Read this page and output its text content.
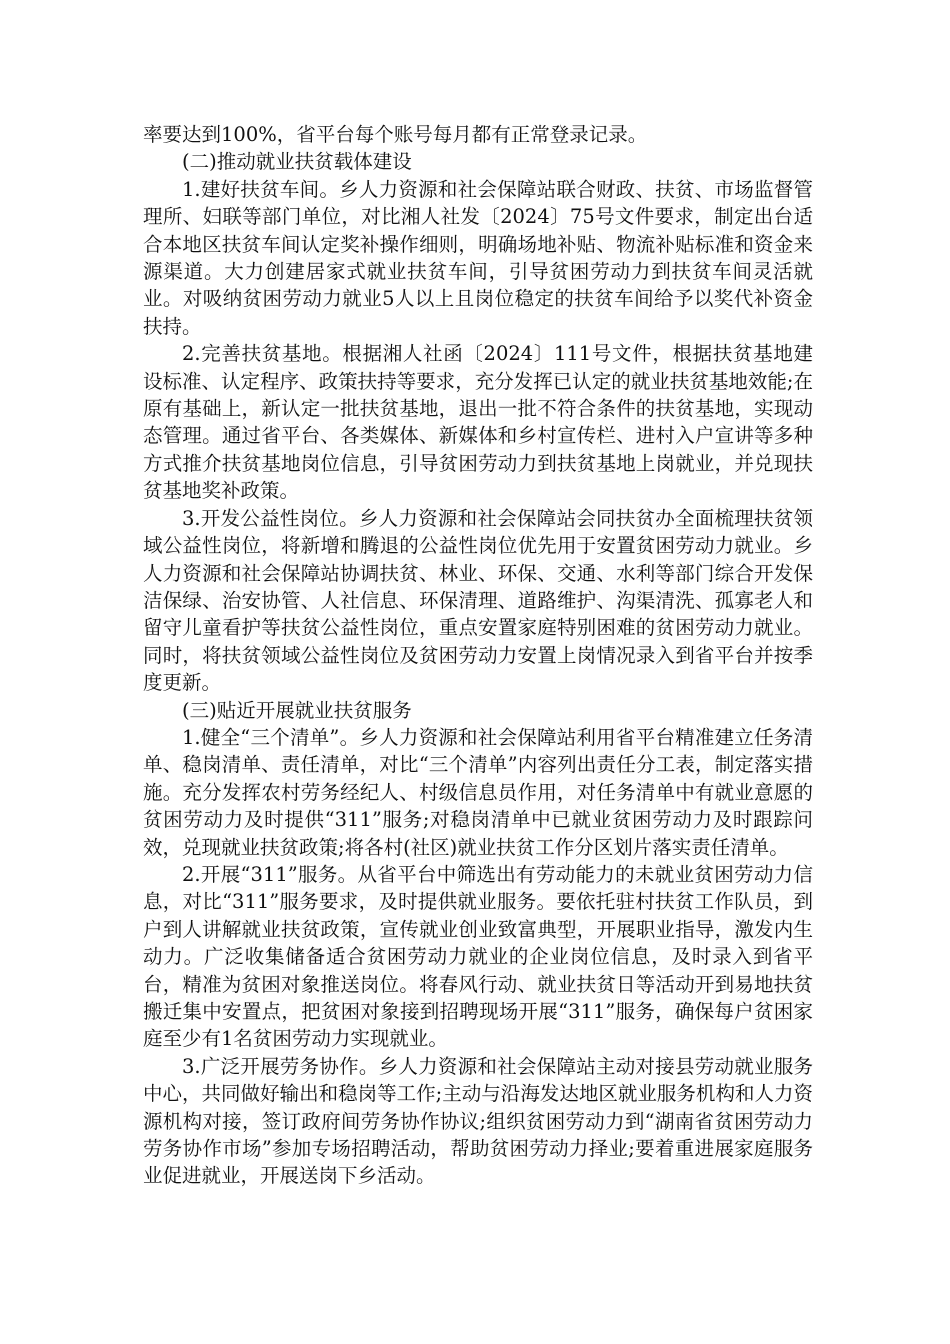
率要达到100%，省平台每个账号每月都有正常登录记录。

(二)推动就业扶贫载体建设

1.建好扶贫车间。乡人力资源和社会保障站联合财政、扶贫、市场监督管理所、妇联等部门单位，对比湘人社发〔2024〕75号文件要求，制定出台适合本地区扶贫车间认定奖补操作细则，明确场地补贴、物流补贴标准和资金来源渠道。大力创建居家式就业扶贫车间，引导贫困劳动力到扶贫车间灵活就业。对吸纳贫困劳动力就业5人以上且岗位稳定的扶贫车间给予以奖代补资金扶持。

2.完善扶贫基地。根据湘人社函〔2024〕111号文件，根据扶贫基地建设标准、认定程序、政策扶持等要求，充分发挥已认定的就业扶贫基地效能;在原有基础上，新认定一批扶贫基地，退出一批不符合条件的扶贫基地，实现动态管理。通过省平台、各类媒体、新媒体和乡村宣传栏、进村入户宣讲等多种方式推介扶贫基地岗位信息，引导贫困劳动力到扶贫基地上岗就业，并兑现扶贫基地奖补政策。

3.开发公益性岗位。乡人力资源和社会保障站会同扶贫办全面梳理扶贫领域公益性岗位，将新增和腾退的公益性岗位优先用于安置贫困劳动力就业。乡人力资源和社会保障站协调扶贫、林业、环保、交通、水利等部门综合开发保洁保绿、治安协管、人社信息、环保清理、道路维护、沟渠清洗、孤寡老人和留守儿童看护等扶贫公益性岗位，重点安置家庭特别困难的贫困劳动力就业。同时，将扶贫领域公益性岗位及贫困劳动力安置上岗情况录入到省平台并按季度更新。

(三)贴近开展就业扶贫服务

1.健全“三个清单”。乡人力资源和社会保障站利用省平台精准建立任务清单、稳岗清单、责任清单，对比“三个清单”内容列出责任分工表，制定落实措施。充分发挥农村劳务经纪人、村级信息员作用，对任务清单中有就业意愿的贫困劳动力及时提供“311”服务;对稳岗清单中已就业贫困劳动力及时跟踪问效，兑现就业扶贫政策;将各村(社区)就业扶贫工作分区划片落实责任清单。

2.开展“311”服务。从省平台中筛选出有劳动能力的未就业贫困劳动力信息，对比“311”服务要求，及时提供就业服务。要依托驻村扶贫工作队员，到户到人讲解就业扶贫政策，宣传就业创业致富典型，开展职业指导，激发内生动力。广泛收集储备适合贫困劳动力就业的企业岗位信息，及时录入到省平台，精准为贫困对象推送岗位。将春风行动、就业扶贫日等活动开到易地扶贫搬迁集中安置点，把贫困对象接到招聘现场开展“311”服务，确保每户贫困家庭至少有1名贫困劳动力实现就业。

3.广泛开展劳务协作。乡人力资源和社会保障站主动对接县劳动就业服务中心，共同做好输出和稳岗等工作;主动与沿海发达地区就业服务机构和人力资源机构对接，签订政府间劳务协作协议;组织贫困劳动力到“湖南省贫困劳动力劳务协作市场”参加专场招聘活动，帮助贫困劳动力择业;要着重进展家庭服务业促进就业，开展送岗下乡活动。
